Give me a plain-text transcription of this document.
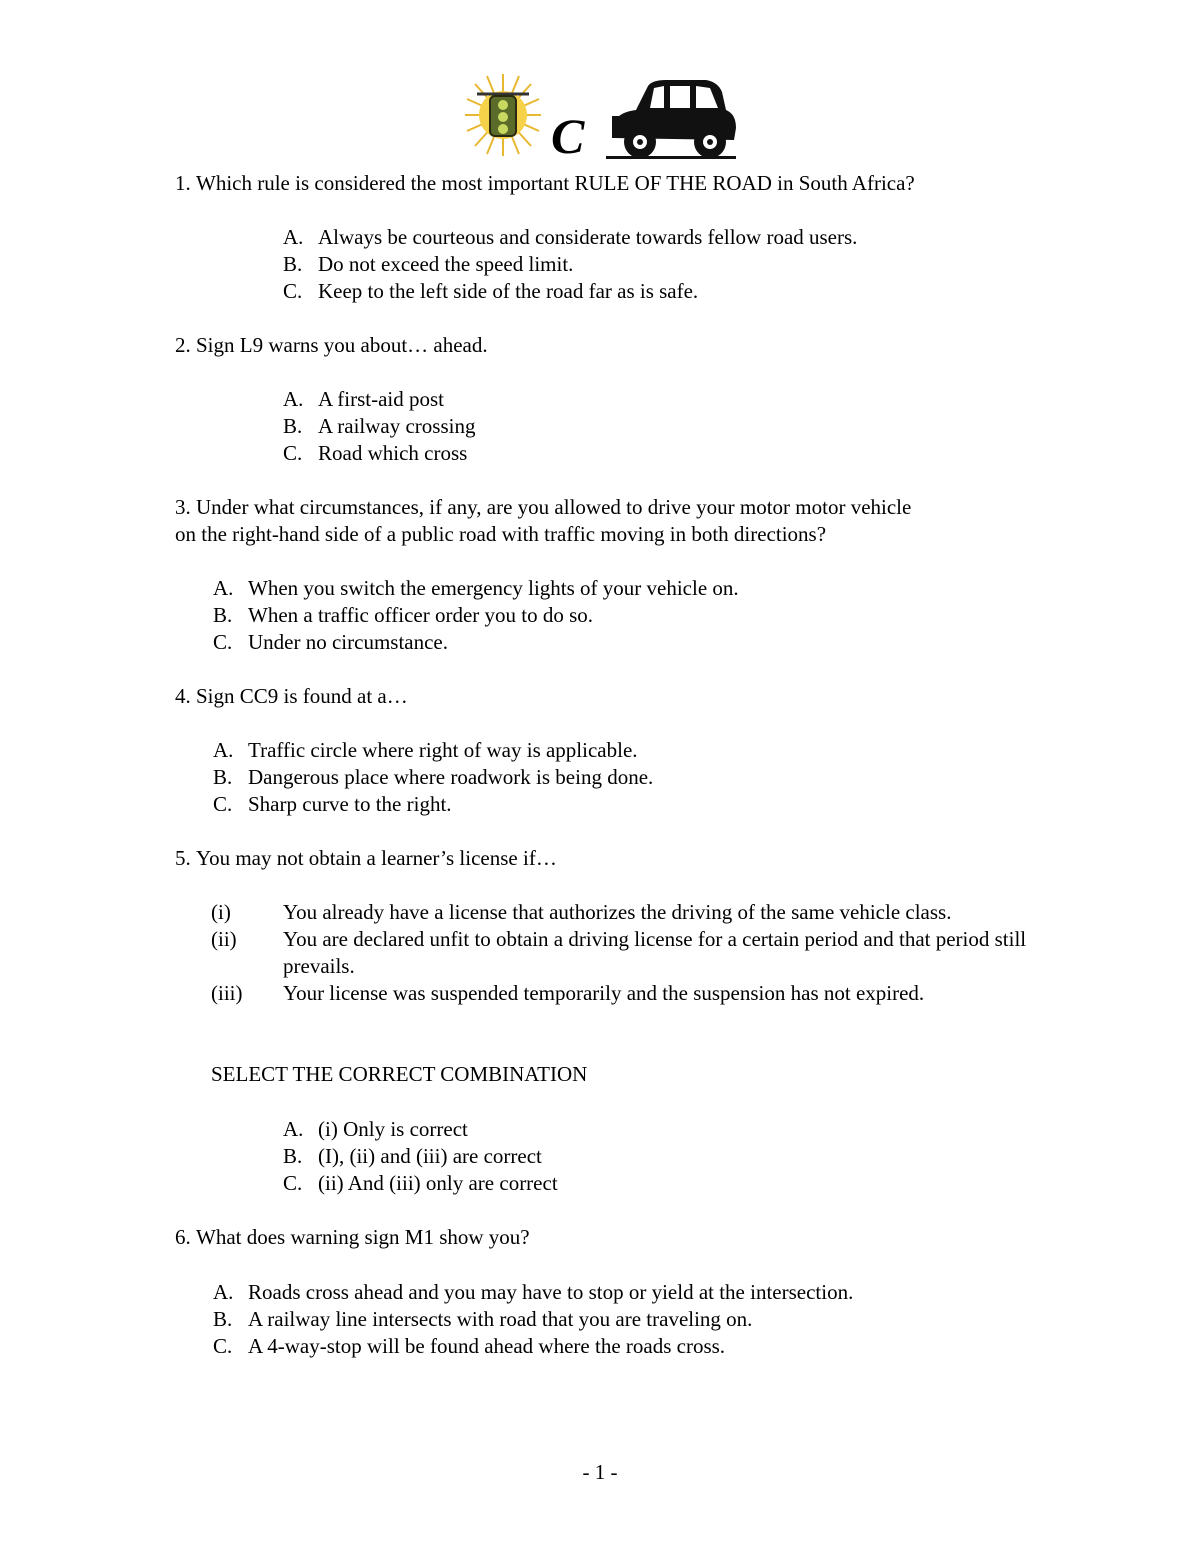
C
1.
Which rule is considered the most important RULE OF THE ROAD in South Africa?
A. Always be courteous and considerate towards fellow road users.
B. Do not exceed the speed limit.
C. Keep to the left side of the road far as is safe.
2.
Sign L9 warns you about… ahead.
A. A first-aid post
B. A railway crossing
C. Road which cross
3.
Under what circumstances, if any, are you allowed to drive your motor motor vehicle
on the right-hand side of a public road with traffic moving in both directions?
A. When you switch the emergency lights of your vehicle on.
B. When a traffic officer order you to do so.
C. Under no circumstance.
4.
Sign CC9 is found at a…
A. Traffic circle where right of way is applicable.
B. Dangerous place where roadwork is being done.
C. Sharp curve to the right.
5.
You may not obtain a learner’s license if…
(i)	You already have a license that authorizes the driving of the same vehicle class.
(ii)	You are declared unfit to obtain a driving license for a certain period and that period still prevails.
(iii)	Your license was suspended temporarily and the suspension has not expired.
SELECT THE CORRECT COMBINATION
A. (i) Only is correct
B. (I), (ii) and (iii) are correct
C. (ii) And (iii) only are correct
6.
What does warning sign M1 show you?
A. Roads cross ahead and you may have to stop or yield at the intersection.
B. A railway line intersects with road that you are traveling on.
C. A 4-way-stop will be found ahead where the roads cross.
- 1 -
